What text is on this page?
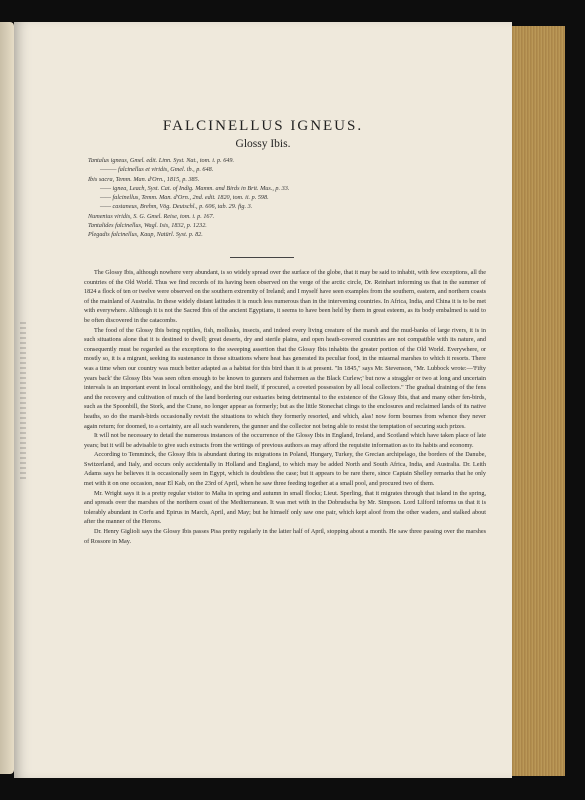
FALCINELLUS IGNEUS.
Glossy Ibis.
Tantalus igneus, Gmel. edit. Linn. Syst. Nat., tom. i. p. 649.
——— falcinellus et viridis, Gmel. ib., p. 648.
Ibis sacra, Temm. Man. d'Orn., 1815, p. 385.
—— ignea, Leach, Syst. Cat. of Indig. Mamm. and Birds in Brit. Mus., p. 33.
—— falcinellus, Temm. Man. d'Orn., 2nd. edit. 1820, tom. ii. p. 598.
—— castaneus, Brehm, Vög. Deutschl., p. 606, tab. 29. fig. 3.
Numenius viridis, S. G. Gmel. Reise, tom. i. p. 167.
Tantalides falcinellus, Wagl. Isis, 1832, p. 1232.
Plegadis falcinellus, Kaup, Natürl. Syst. p. 82.

The Glossy Ibis, although nowhere very abundant, is so widely spread over the surface of the globe, that it may be said to inhabit, with few exceptions, all the countries of the Old World. Thus we find records of its having been observed on the verge of the arctic circle, Dr. Reinhart informing us that in the summer of 1824 a flock of ten or twelve were observed on the southern extremity of Ireland; and I myself have seen examples from the southern, eastern, and northern coasts of the mainland of Australia. In these widely distant latitudes it is much less numerous than in the intervening countries. In Africa, India, and China it is to be met with everywhere. Although it is not the Sacred Ibis of the ancient Egyptians, it seems to have been held by them in great esteem, as its body embalmed is said to be often discovered in the catacombs.

The food of the Glossy Ibis being reptiles, fish, mollusks, insects, and indeed every living creature of the marsh and the mud-banks of large rivers, it is in such situations alone that it is destined to dwell; great deserts, dry and sterile plains, and open heath-covered countries are not compatible with its nature, and consequently must be regarded as the exceptions to the sweeping assertion that the Glossy Ibis inhabits the greater portion of the Old World. Everywhere, or mostly so, it is a migrant, seeking its sustenance in those situations where heat has generated its peculiar food, in the miasmal marshes to which it resorts. There was a time when our country was much better adapted as a habitat for this bird than it is at present. "In 1845," says Mr. Stevenson, "Mr. Lubbock wrote:—'Fifty years back' the Glossy Ibis 'was seen often enough to be known to gunners and fishermen as the Black Curlew;' but now a straggler or two at long and uncertain intervals is an important event in local ornithology, and the bird itself, if procured, a coveted possession by all local collectors." The gradual draining of the fens and the recovery and cultivation of much of the land bordering our estuaries being detrimental to the existence of the Glossy Ibis, that and many other fen-birds, such as the Spoonbill, the Stork, and the Crane, no longer appear as formerly; but as the little Stonechat clings to the enclosures and reclaimed lands of its native heaths, so do the marsh-birds occasionally revisit the situations to which they formerly resorted, and which, alas! now form bournes from whence they never again return; for doomed, to a certainty, are all such wanderers, the gunner and the collector not being able to resist the temptation of securing such prizes.

It will not be necessary to detail the numerous instances of the occurrence of the Glossy Ibis in England, Ireland, and Scotland which have taken place of late years; but it will be advisable to give such extracts from the writings of previous authors as may afford the requisite information as to its habits and economy.

According to Temminck, the Glossy Ibis is abundant during its migrations in Poland, Hungary, Turkey, the Grecian archipelago, the borders of the Danube, Switzerland, and Italy, and occurs only accidentally in Holland and England, to which may be added North and South Africa, India, and Australia. Dr. Leith Adams says he believes it is occasionally seen in Egypt, which is doubtless the case; but it appears to be rare there, since Captain Shelley remarks that he only met with it on one occasion, near El Kab, on the 23rd of April, when he saw three feeding together at a small pool, and procured two of them.

Mr. Wright says it is a pretty regular visitor to Malta in spring and autumn in small flocks; Lieut. Sperling, that it migrates through that island in the spring, and spreads over the marshes of the northern coast of the Mediterranean. It was met with in the Dobrudscha by Mr. Simpson. Lord Lilford informs us that it is tolerably abundant in Corfu and Epirus in March, April, and May; but he himself only saw one pair, which kept aloof from the other waders, and stalked about after the manner of the Herons.

Dr. Henry Giglioli says the Glossy Ibis passes Pisa pretty regularly in the latter half of April, stopping about a month. He saw three passing over the marshes of Rossore in May.
